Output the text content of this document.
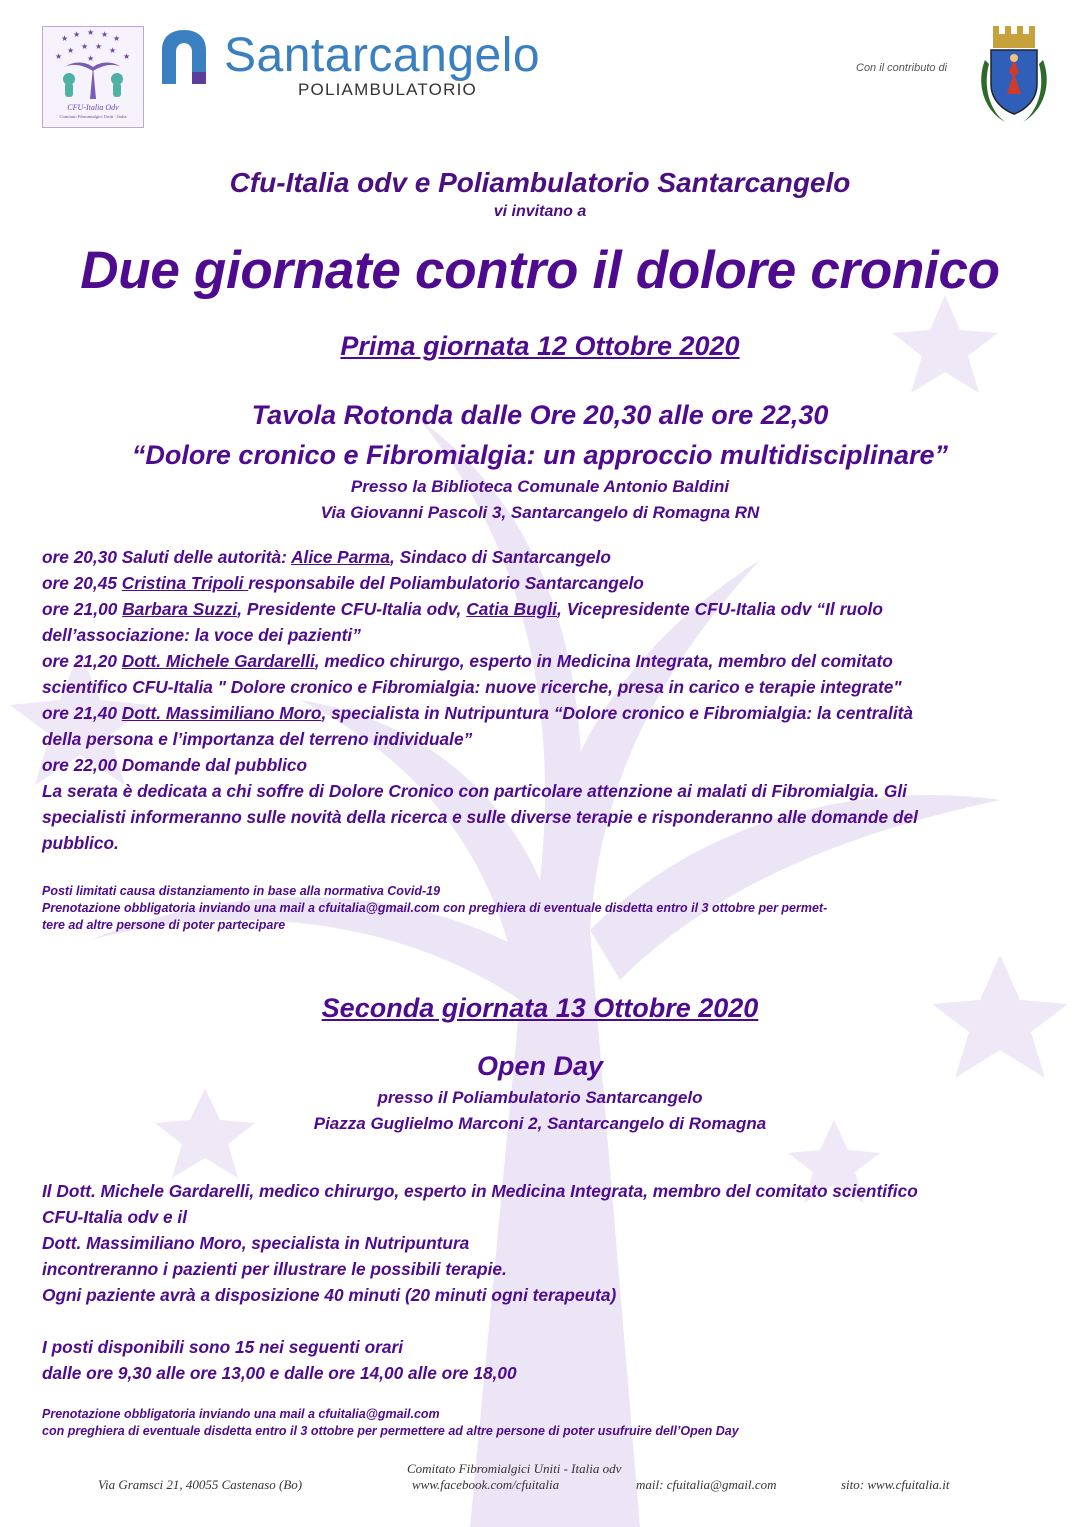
★ ★ ★ ★ ★
★ ★ ★ ★
★	★
★
CFU-Italia Odv
Comitato Fibromialgici Uniti - Italia
Santarcangelo
POLIAMBULATORIO
Con il contributo di
Cfu-Italia odv e Poliambulatorio Santarcangelo
vi invitano a
Due giornate contro il dolore cronico
Prima giornata 12 Ottobre 2020
Tavola Rotonda dalle Ore 20,30 alle ore 22,30
“Dolore cronico e Fibromialgia: un approccio multidisciplinare”
Presso la Biblioteca Comunale Antonio Baldini
Via Giovanni Pascoli 3, Santarcangelo di Romagna RN
ore 20,30 Saluti delle autorità: Alice Parma, Sindaco di Santarcangelo
ore 20,45 Cristina Tripoli responsabile del Poliambulatorio Santarcangelo
ore 21,00 Barbara Suzzi, Presidente CFU-Italia odv, Catia Bugli, Vicepresidente CFU-Italia odv “Il ruolo
dell’associazione: la voce dei pazienti”
ore 21,20 Dott. Michele Gardarelli, medico chirurgo, esperto in Medicina Integrata, membro del comitato
scientifico CFU-Italia " Dolore cronico e Fibromialgia: nuove ricerche, presa in carico e terapie integrate"
ore 21,40 Dott. Massimiliano Moro, specialista in Nutripuntura “Dolore cronico e Fibromialgia: la centralità
della persona e l’importanza del terreno individuale”
ore 22,00 Domande dal pubblico
La serata è dedicata a chi soffre di Dolore Cronico con particolare attenzione ai malati di Fibromialgia. Gli
specialisti informeranno sulle novità della ricerca e sulle diverse terapie e risponderanno alle domande del
pubblico.
Posti limitati causa distanziamento in base alla normativa Covid-19
Prenotazione obbligatoria inviando una mail a cfuitalia@gmail.com con preghiera di eventuale disdetta entro il 3 ottobre per permet-
tere ad altre persone di poter partecipare
Seconda giornata 13 Ottobre 2020
Open Day
presso il Poliambulatorio Santarcangelo
Piazza Guglielmo Marconi 2, Santarcangelo di Romagna
Il Dott. Michele Gardarelli, medico chirurgo, esperto in Medicina Integrata, membro del comitato scientifico
CFU-Italia odv e il
Dott. Massimiliano Moro, specialista in Nutripuntura
incontreranno i pazienti per illustrare le possibili terapie.
Ogni paziente avrà a disposizione 40 minuti (20 minuti ogni terapeuta)
I posti disponibili sono 15 nei seguenti orari
dalle ore 9,30 alle ore 13,00 e dalle ore 14,00 alle ore 18,00
Prenotazione obbligatoria inviando una mail a cfuitalia@gmail.com
con preghiera di eventuale disdetta entro il 3 ottobre per permettere ad altre persone di poter usufruire dell’Open Day
Comitato Fibromialgici Uniti - Italia odv
Via Gramsci 21, 40055 Castenaso (Bo)	www.facebook.com/cfuitalia	mail: cfuitalia@gmail.com	sito: www.cfuitalia.it
